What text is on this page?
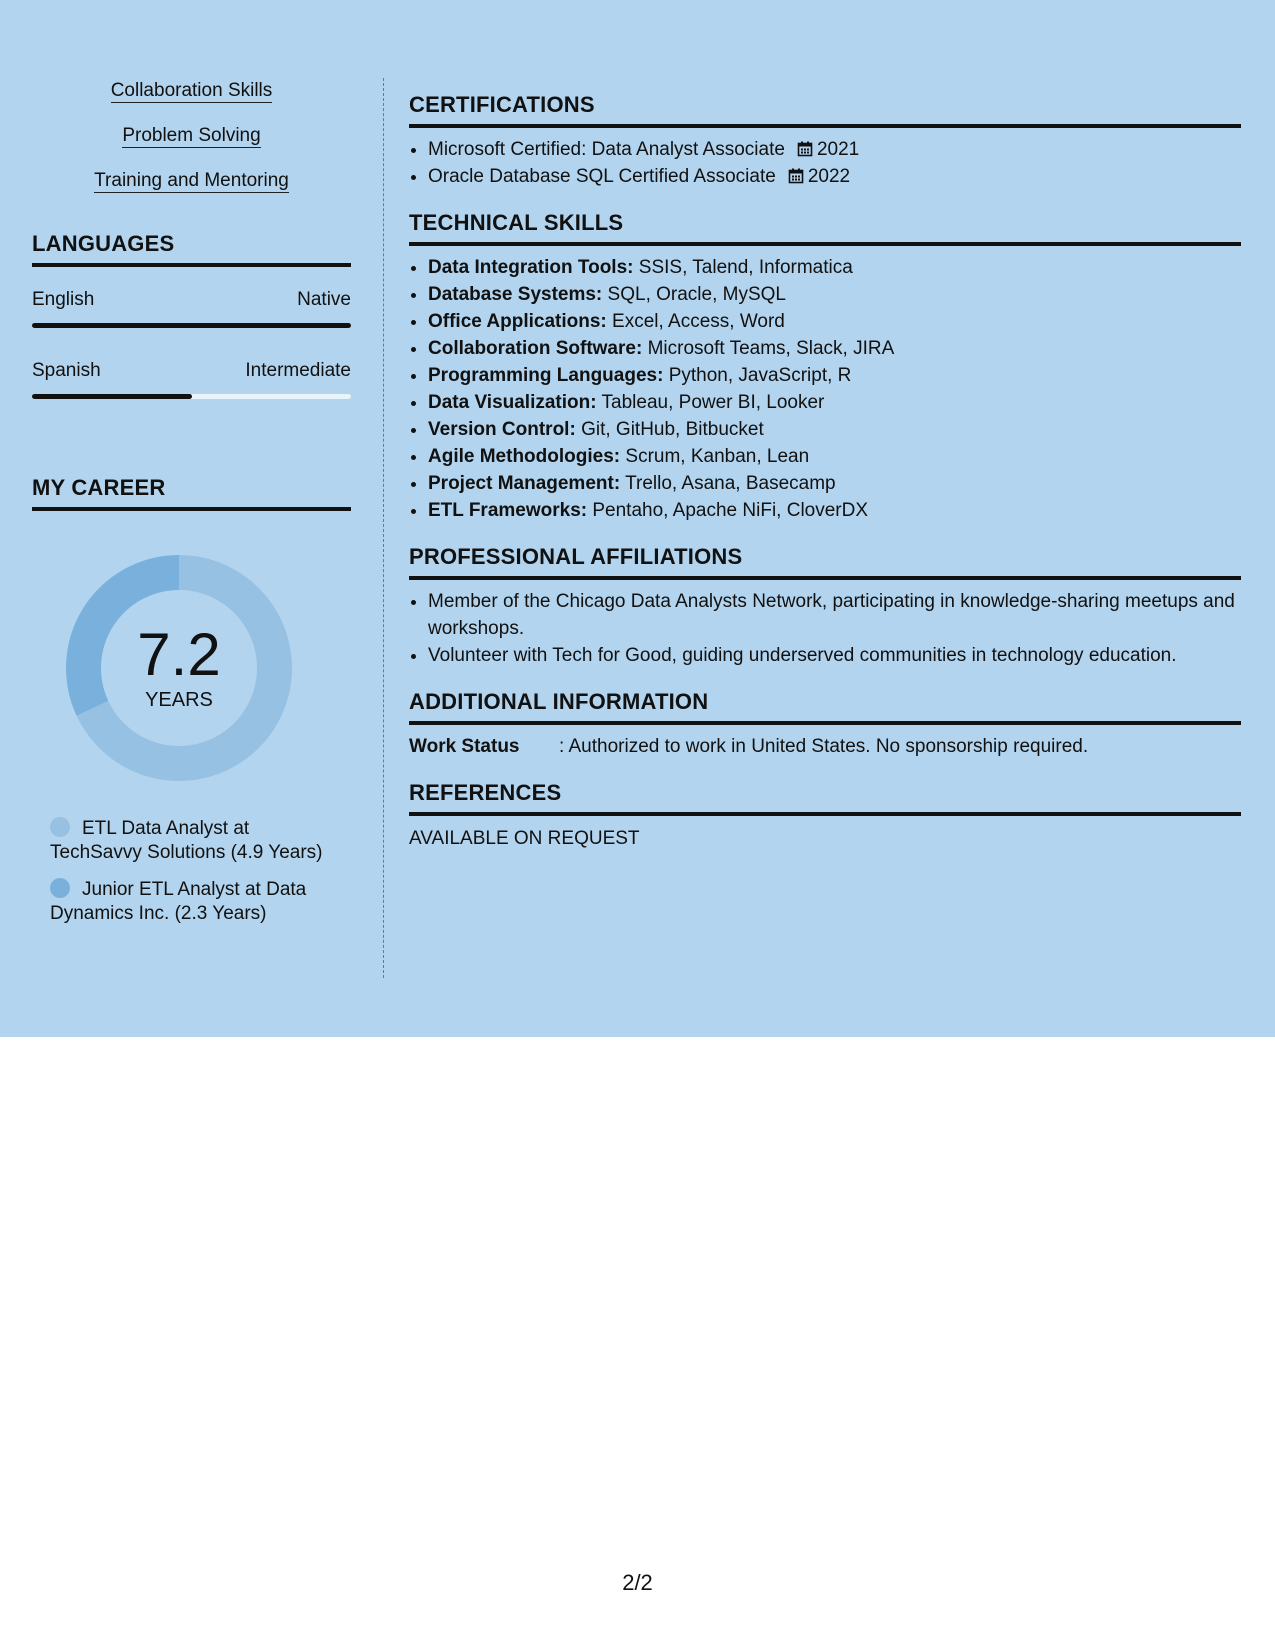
Collaboration Skills
Problem Solving
Training and Mentoring
LANGUAGES
English	Native
Spanish	Intermediate
MY CAREER
7.2
YEARS
ETL Data Analyst at TechSavvy Solutions (4.9 Years)
Junior ETL Analyst at Data Dynamics Inc. (2.3 Years)
CERTIFICATIONS
• Microsoft Certified: Data Analyst Associate 2021
• Oracle Database SQL Certified Associate 2022
TECHNICAL SKILLS
• Data Integration Tools: SSIS, Talend, Informatica
• Database Systems: SQL, Oracle, MySQL
• Office Applications: Excel, Access, Word
• Collaboration Software: Microsoft Teams, Slack, JIRA
• Programming Languages: Python, JavaScript, R
• Data Visualization: Tableau, Power BI, Looker
• Version Control: Git, GitHub, Bitbucket
• Agile Methodologies: Scrum, Kanban, Lean
• Project Management: Trello, Asana, Basecamp
• ETL Frameworks: Pentaho, Apache NiFi, CloverDX
PROFESSIONAL AFFILIATIONS
• Member of the Chicago Data Analysts Network, participating in knowledge-sharing meetups and workshops.
• Volunteer with Tech for Good, guiding underserved communities in technology education.
ADDITIONAL INFORMATION
Work Status	: Authorized to work in United States. No sponsorship required.
REFERENCES
AVAILABLE ON REQUEST
2/2
